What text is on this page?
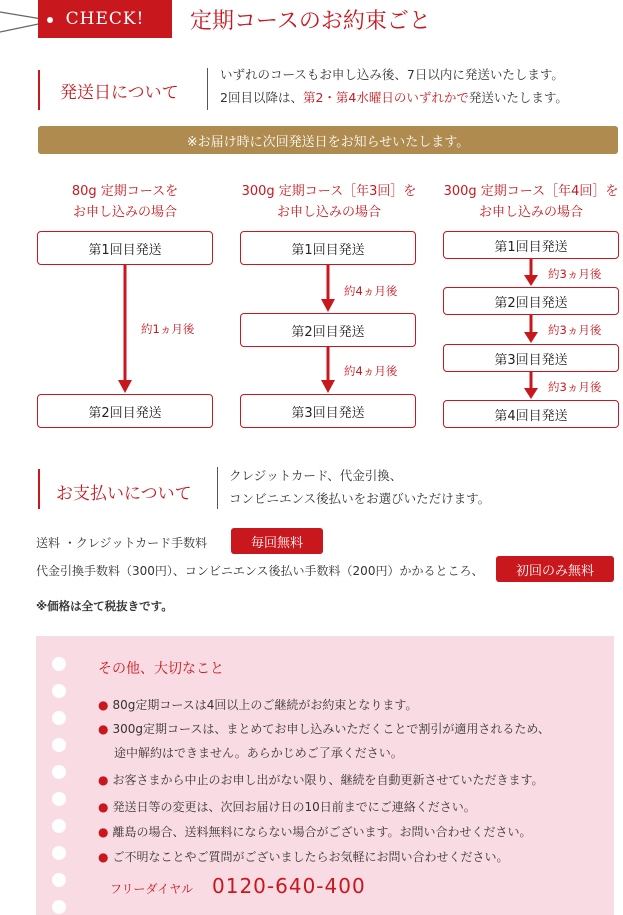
CHECK! 定期コースのお約束ごと
発送日について
いずれのコースもお申し込み後、7日以内に発送いたします。
2回目以降は、第2・第4水曜日のいずれかで発送いたします。
※お届け時に次回発送日をお知らせいたします。
80g 定期コースを
お申し込みの場合
第1回目発送
第2回目発送
約1ヵ月後
300g 定期コース［年3回］を
お申し込みの場合
第1回目発送
第2回目発送
第3回目発送
約4ヵ月後
約4ヵ月後
300g 定期コース［年4回］を
お申し込みの場合
第1回目発送
第2回目発送
第3回目発送
第4回目発送
約3ヵ月後
約3ヵ月後
約3ヵ月後
お支払いについて
クレジットカード、代金引換、
コンビニエンス後払いをお選びいただけます。
送料 ・クレジットカード手数料	毎回無料
代金引換手数料（300円）、コンビニエンス後払い手数料（200円）かかるところ、	初回のみ無料
※価格は全て税抜きです。
その他、大切なこと
● 80g定期コースは4回以上のご継続がお約束となります。
● 300g定期コースは、まとめてお申し込みいただくことで割引が適用されるため、
途中解約はできません。あらかじめご了承ください。
● お客さまから中止のお申し出がない限り、継続を自動更新させていただきます。
● 発送日等の変更は、次回お届け日の10日前までにご連絡ください。
● 離島の場合、送料無料にならない場合がございます。お問い合わせください。
● ご不明なことやご質問がございましたらお気軽にお問い合わせください。
フリーダイヤル 0120-640-400
